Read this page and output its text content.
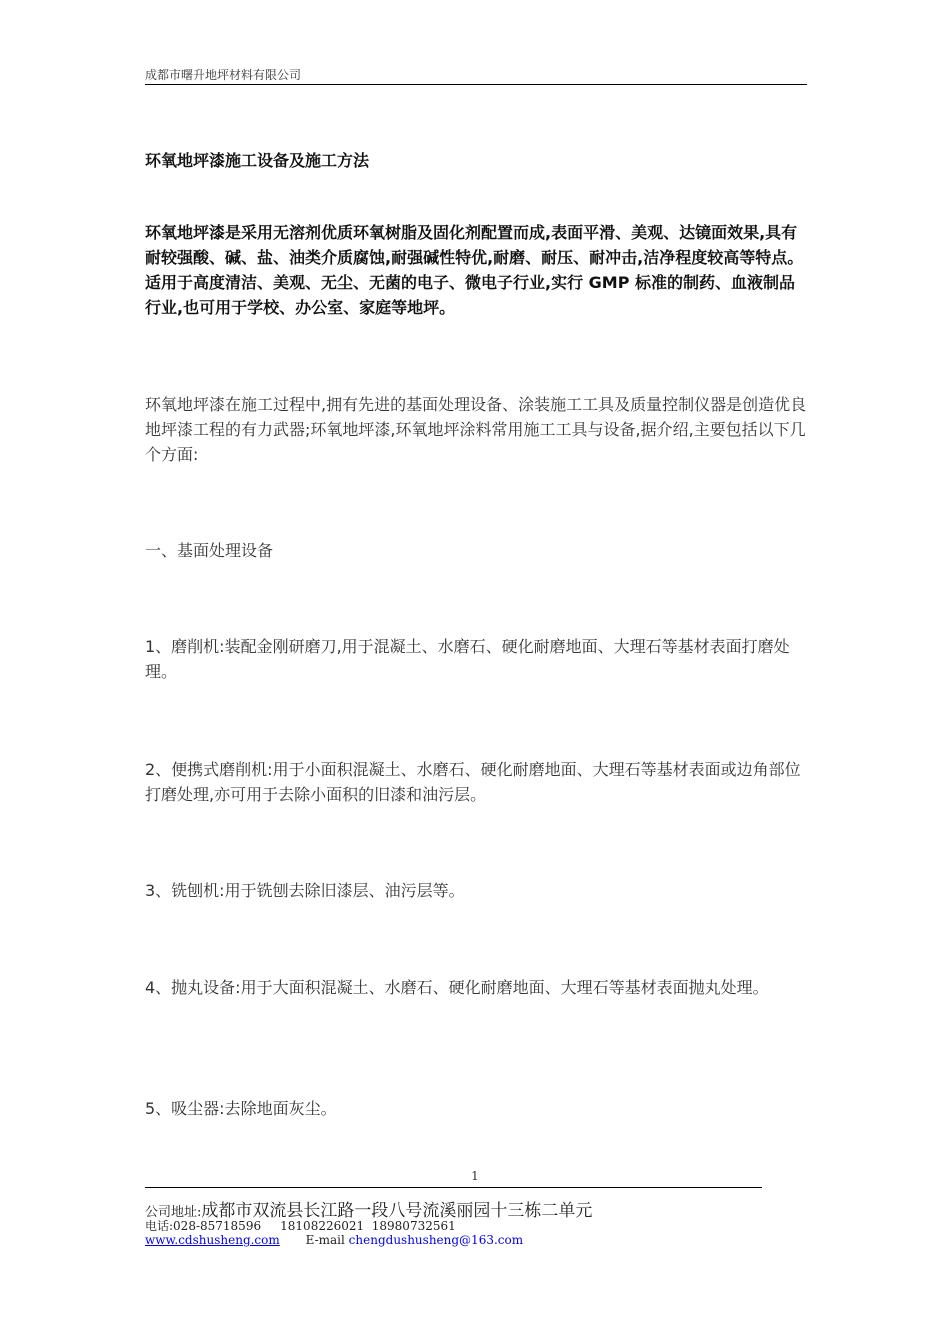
成都市曙升地坪材料有限公司
环氧地坪漆施工设备及施工方法
环氧地坪漆是采用无溶剂优质环氧树脂及固化剂配置而成,表面平滑、美观、达镜面效果,具有耐较强酸、碱、盐、油类介质腐蚀,耐强碱性特优,耐磨、耐压、耐冲击,洁净程度较高等特点。适用于高度清洁、美观、无尘、无菌的电子、微电子行业,实行 GMP 标准的制药、血液制品行业,也可用于学校、办公室、家庭等地坪。
环氧地坪漆在施工过程中,拥有先进的基面处理设备、涂装施工工具及质量控制仪器是创造优良地坪漆工程的有力武器;环氧地坪漆,环氧地坪涂料常用施工工具与设备,据介绍,主要包括以下几个方面:
一、基面处理设备
1、磨削机:装配金刚研磨刀,用于混凝土、水磨石、硬化耐磨地面、大理石等基材表面打磨处理。
2、便携式磨削机:用于小面积混凝土、水磨石、硬化耐磨地面、大理石等基材表面或边角部位打磨处理,亦可用于去除小面积的旧漆和油污层。
3、铣刨机:用于铣刨去除旧漆层、油污层等。
4、抛丸设备:用于大面积混凝土、水磨石、硬化耐磨地面、大理石等基材表面抛丸处理。
5、吸尘器:去除地面灰尘。
1
公司地址:成都市双流县长江路一段八号流溪丽园十三栋二单元
电话:028-85718596     18108226021  18980732561
www.cdshusheng.com E-mail chengdushusheng@163.com
